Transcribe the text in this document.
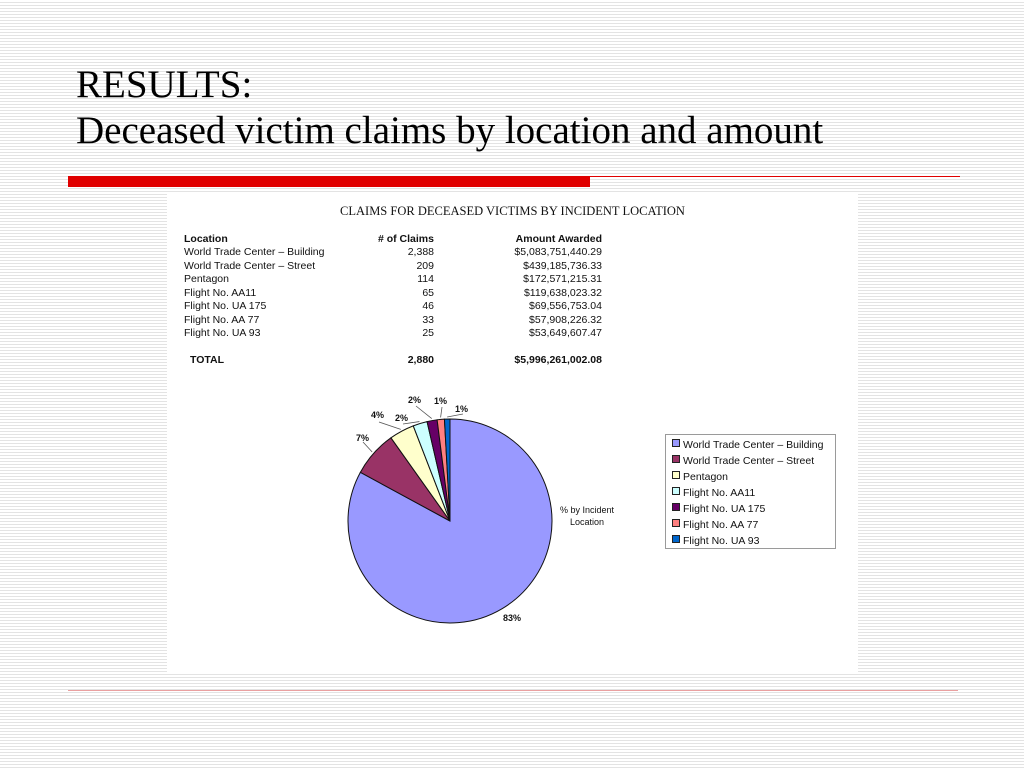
RESULTS:
Deceased victim claims by location and amount
CLAIMS FOR DECEASED VICTIMS BY INCIDENT LOCATION
Location	# of Claims	Amount Awarded
World Trade Center – Building	2,388	$5,083,751,440.29
World Trade Center – Street	209	$439,185,736.33
Pentagon	114	$172,571,215.31
Flight No. AA11	65	$119,638,023.32
Flight No. UA 175	46	$69,556,753.04
Flight No. AA 77	33	$57,908,226.32
Flight No. UA 93	25	$53,649,607.47
TOTAL	2,880	$5,996,261,002.08
% by Incident Location
83%
7%
4% 2%
2% 1%
1%
World Trade Center – Building
World Trade Center – Street
Pentagon
Flight No. AA11
Flight No. UA 175
Flight No. AA 77
Flight No. UA 93
